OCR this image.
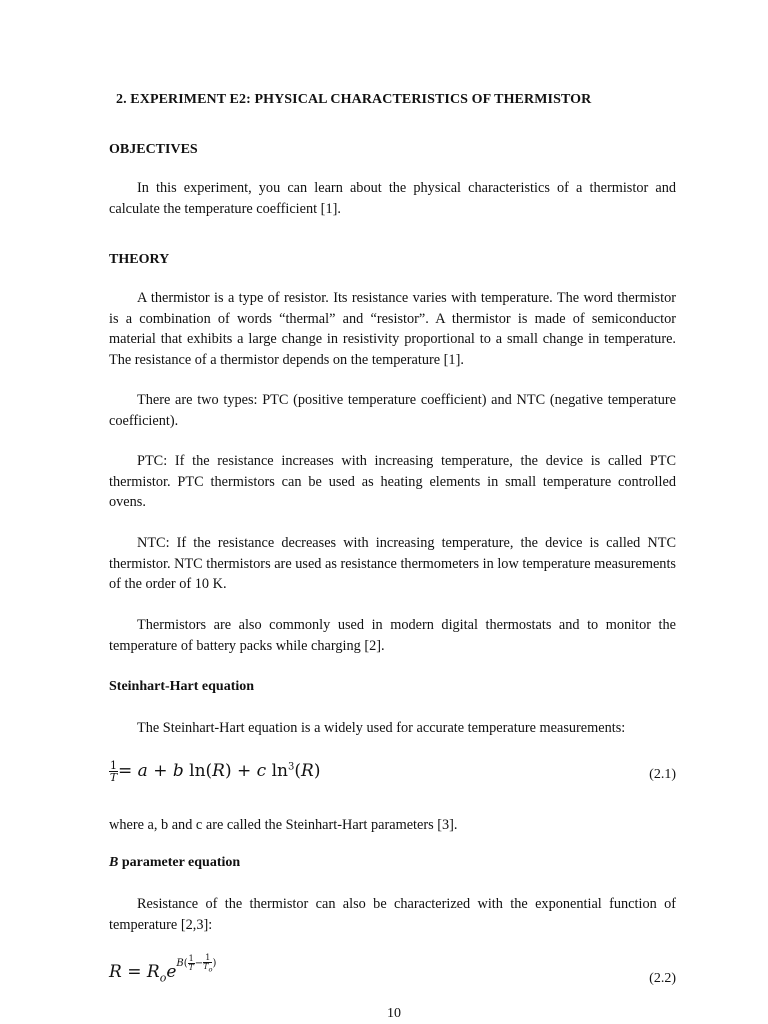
2. EXPERIMENT E2: PHYSICAL CHARACTERISTICS OF THERMISTOR
OBJECTIVES
In this experiment, you can learn about the physical characteristics of a thermistor and calculate the temperature coefficient [1].
THEORY
A thermistor is a type of resistor. Its resistance varies with temperature. The word thermistor is a combination of words “thermal” and “resistor”. A thermistor is made of semiconductor material that exhibits a large change in resistivity proportional to a small change in temperature. The resistance of a thermistor depends on the temperature [1].
There are two types: PTC (positive temperature coefficient) and NTC (negative temperature coefficient).
PTC: If the resistance increases with increasing temperature, the device is called PTC thermistor. PTC thermistors can be used as heating elements in small temperature controlled ovens.
NTC: If the resistance decreases with increasing temperature, the device is called NTC thermistor. NTC thermistors are used as resistance thermometers in low temperature measurements of the order of 10 K.
Thermistors are also commonly used in modern digital thermostats and to monitor the temperature of battery packs while charging [2].
Steinhart-Hart equation
The Steinhart-Hart equation is a widely used for accurate temperature measurements:
$\frac{1}{T} = a + b$ ln(R) + c $\ln^3(R)$	(2.1)
where a, b and c are called the Steinhart-Hart parameters [3].
B parameter equation
Resistance of the thermistor can also be characterized with the exponential function of temperature [2,3]:
$R = R_oe^{B( \frac{1}{T} - \frac{1}{T_o} )}$
(2.2)
10
